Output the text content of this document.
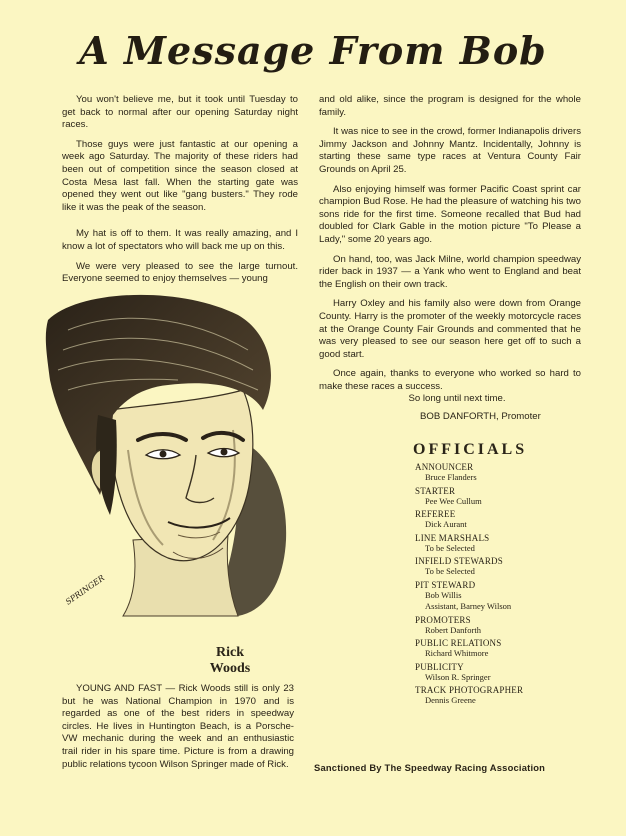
A Message From Bob

You won't believe me, but it took until Tuesday to get back to normal after our opening Saturday night races.

Those guys were just fantastic at our opening a week ago Saturday. The majority of these riders had been out of competition since the season closed at Costa Mesa last fall. When the starting gate was opened they went out like "gang busters." They rode like it was the peak of the season.

My hat is off to them. It was really amazing, and I know a lot of spectators who will back me up on this.

We were very pleased to see the large turnout. Everyone seemed to enjoy themselves — young

and old alike, since the program is designed for the whole family.

It was nice to see in the crowd, former Indianapolis drivers Jimmy Jackson and Johnny Mantz. Incidentally, Johnny is starting these same type races at Ventura County Fair Grounds on April 25.

Also enjoying himself was former Pacific Coast sprint car champion Bud Rose. He had the pleasure of watching his two sons ride for the first time. Someone recalled that Bud had doubled for Clark Gable in the motion picture "To Please a Lady," some 20 years ago.

On hand, too, was Jack Milne, world champion speedway rider back in 1937 — a Yank who went to England and beat the English on their own track.

Harry Oxley and his family also were down from Orange County. Harry is the promoter of the weekly motorcycle races at the Orange County Fair Grounds and commented that he was very pleased to see our season here get off to such a good start.

Once again, thanks to everyone who worked so hard to make these races a success.

So long until next time.

BOB DANFORTH, Promoter
SPRINGER
Rick
Woods
YOUNG AND FAST — Rick Woods still is only 23 but he was National Champion in 1970 and is regarded as one of the best riders in speedway circles. He lives in Huntington Beach, is a Porsche-VW mechanic during the week and an enthusiastic trail rider in his spare time. Picture is from a drawing public relations tycoon Wilson Springer made of Rick.
OFFICIALS
ANNOUNCER
Bruce Flanders
STARTER
Pee Wee Cullum
REFEREE
Dick Aurant
LINE MARSHALS
To be Selected
INFIELD STEWARDS
To be Selected
PIT STEWARD
Bob Willis
Assistant, Barney Wilson
PROMOTERS
Robert Danforth
PUBLIC RELATIONS
Richard Whitmore
PUBLICITY
Wilson R. Springer
TRACK PHOTOGRAPHER
Dennis Greene
Sanctioned By The Speedway Racing Association
